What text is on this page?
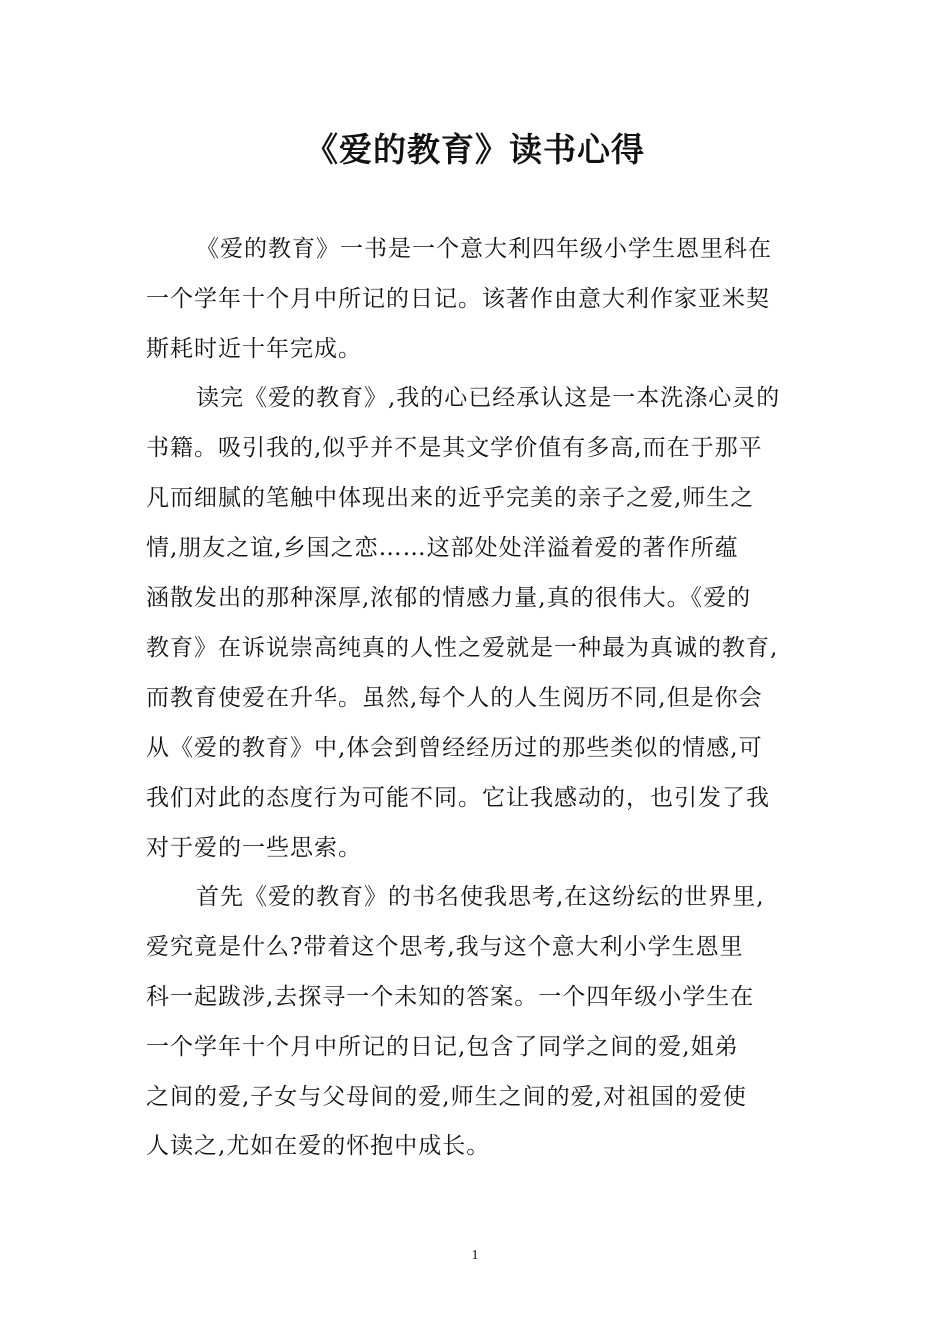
《爱的教育》读书心得
《爱的教育》一书是一个意大利四年级小学生恩里科在
一个学年十个月中所记的日记。该著作由意大利作家亚米契
斯耗时近十年完成。
读完《爱的教育》,我的心已经承认这是一本洗涤心灵的
书籍。吸引我的,似乎并不是其文学价值有多高,而在于那平
凡而细腻的笔触中体现出来的近乎完美的亲子之爱,师生之
情,朋友之谊,乡国之恋……这部处处洋溢着爱的著作所蕴
涵散发出的那种深厚,浓郁的情感力量,真的很伟大。《爱的
教育》在诉说崇高纯真的人性之爱就是一种最为真诚的教育,
而教育使爱在升华。虽然,每个人的人生阅历不同,但是你会
从《爱的教育》中,体会到曾经经历过的那些类似的情感,可
我们对此的态度行为可能不同。它让我感动的，也引发了我
对于爱的一些思索。
首先《爱的教育》的书名使我思考,在这纷纭的世界里,
爱究竟是什么?带着这个思考,我与这个意大利小学生恩里
科一起跋涉,去探寻一个未知的答案。一个四年级小学生在
一个学年十个月中所记的日记,包含了同学之间的爱,姐弟
之间的爱,子女与父母间的爱,师生之间的爱,对祖国的爱使
人读之,尤如在爱的怀抱中成长。
1
